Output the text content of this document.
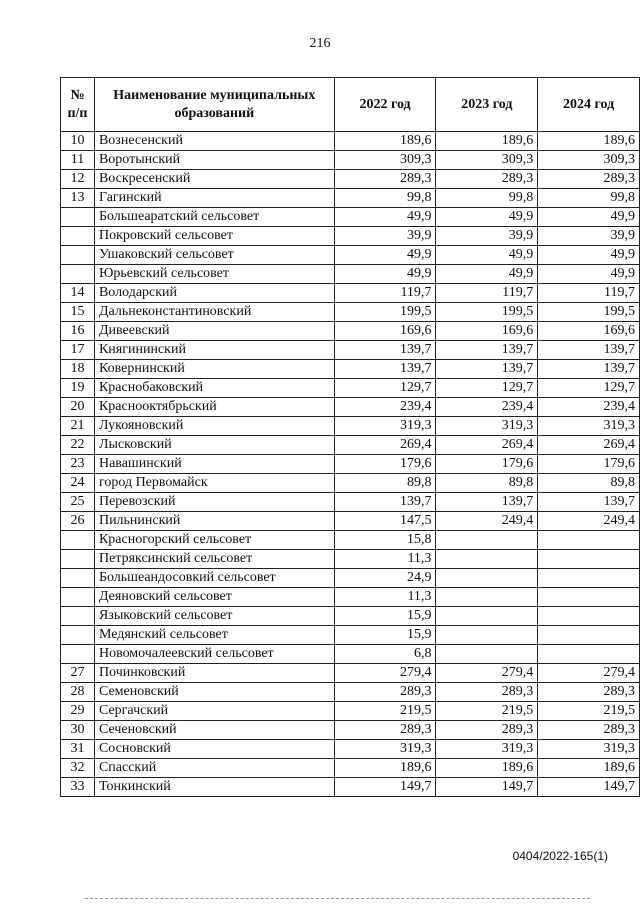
216
№ п/п	Наименование муниципальных образований	2022 год	2023 год	2024 год
10	Вознесенский	189,6	189,6	189,6
11	Воротынский	309,3	309,3	309,3
12	Воскресенский	289,3	289,3	289,3
13	Гагинский	99,8	99,8	99,8
	Большеаратский сельсовет	49,9	49,9	49,9
	Покровский сельсовет	39,9	39,9	39,9
	Ушаковский сельсовет	49,9	49,9	49,9
	Юрьевский сельсовет	49,9	49,9	49,9
14	Володарский	119,7	119,7	119,7
15	Дальнеконстантиновский	199,5	199,5	199,5
16	Дивеевский	169,6	169,6	169,6
17	Княгининский	139,7	139,7	139,7
18	Ковернинский	139,7	139,7	139,7
19	Краснобаковский	129,7	129,7	129,7
20	Краснооктябрьский	239,4	239,4	239,4
21	Лукояновский	319,3	319,3	319,3
22	Лысковский	269,4	269,4	269,4
23	Навашинский	179,6	179,6	179,6
24	город Первомайск	89,8	89,8	89,8
25	Перевозский	139,7	139,7	139,7
26	Пильнинский	147,5	249,4	249,4
	Красногорский сельсовет	15,8		
	Петряксинский сельсовет	11,3		
	Большеандосовкий сельсовет	24,9		
	Деяновский сельсовет	11,3		
	Языковский сельсовет	15,9		
	Медянский сельсовет	15,9		
	Новомочалеевский сельсовет	6,8		
27	Починковский	279,4	279,4	279,4
28	Семеновский	289,3	289,3	289,3
29	Сергачский	219,5	219,5	219,5
30	Сеченовский	289,3	289,3	289,3
31	Сосновский	319,3	319,3	319,3
32	Спасский	189,6	189,6	189,6
33	Тонкинский	149,7	149,7	149,7
0404/2022-165(1)
